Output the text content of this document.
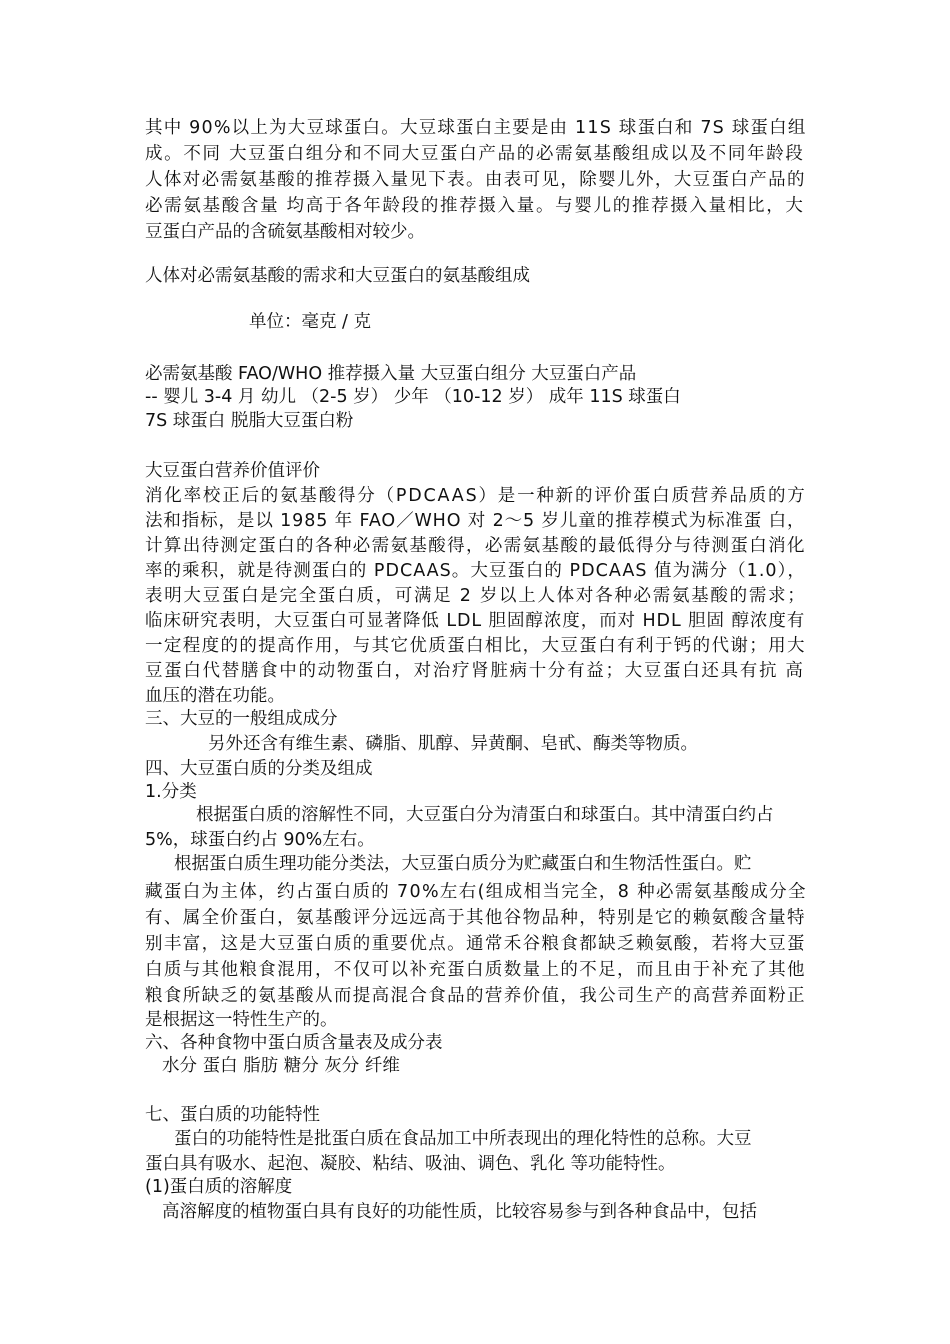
其中 90%以上为大豆球蛋白。大豆球蛋白主要是由 11S 球蛋白和 7S 球蛋白组
成。不同 大豆蛋白组分和不同大豆蛋白产品的必需氨基酸组成以及不同年龄段
人体对必需氨基酸的推荐摄入量见下表。由表可见，除婴儿外，大豆蛋白产品的
必需氨基酸含量 均高于各年龄段的推荐摄入量。与婴儿的推荐摄入量相比，大
豆蛋白产品的含硫氨基酸相对较少。
人体对必需氨基酸的需求和大豆蛋白的氨基酸组成
单位：毫克 / 克
必需氨基酸 FAO/WHO 推荐摄入量 大豆蛋白组分 大豆蛋白产品
-- 婴儿 3-4 月 幼儿 （2-5 岁） 少年 （10-12 岁） 成年 11S 球蛋白
7S 球蛋白 脱脂大豆蛋白粉
大豆蛋白营养价值评价
消化率校正后的氨基酸得分（PDCAAS）是一种新的评价蛋白质营养品质的方
法和指标，是以 1985 年 FAO／WHO 对 2～5 岁儿童的推荐模式为标准蛋 白，
计算出待测定蛋白的各种必需氨基酸得，必需氨基酸的最低得分与待测蛋白消化
率的乘积，就是待测蛋白的 PDCAAS。大豆蛋白的 PDCAAS 值为满分（1.0），
表明大豆蛋白是完全蛋白质，可满足 2 岁以上人体对各种必需氨基酸的需求；
临床研究表明，大豆蛋白可显著降低 LDL 胆固醇浓度，而对 HDL 胆固 醇浓度有
一定程度的的提高作用，与其它优质蛋白相比，大豆蛋白有利于钙的代谢；用大
豆蛋白代替膳食中的动物蛋白，对治疗肾脏病十分有益；大豆蛋白还具有抗 高
血压的潜在功能。
三、大豆的一般组成成分
另外还含有维生素、磷脂、肌醇、异黄酮、皂甙、酶类等物质。
四、大豆蛋白质的分类及组成
1.分类
根据蛋白质的溶解性不同，大豆蛋白分为清蛋白和球蛋白。其中清蛋白约占
5%，球蛋白约占 90%左右。
根据蛋白质生理功能分类法，大豆蛋白质分为贮藏蛋白和生物活性蛋白。贮
藏蛋白为主体，约占蛋白质的 70%左右(组成相当完全，8 种必需氨基酸成分全
有、属全价蛋白，氨基酸评分远远高于其他谷物品种，特别是它的赖氨酸含量特
别丰富，这是大豆蛋白质的重要优点。通常禾谷粮食都缺乏赖氨酸，若将大豆蛋
白质与其他粮食混用，不仅可以补充蛋白质数量上的不足，而且由于补充了其他
粮食所缺乏的氨基酸从而提高混合食品的营养价值，我公司生产的高营养面粉正
是根据这一特性生产的。
六、各种食物中蛋白质含量表及成分表
水分 蛋白 脂肪 糖分 灰分 纤维
七、蛋白质的功能特性
蛋白的功能特性是批蛋白质在食品加工中所表现出的理化特性的总称。大豆
蛋白具有吸水、起泡、凝胶、粘结、吸油、调色、乳化 等功能特性。
(1)蛋白质的溶解度
高溶解度的植物蛋白具有良好的功能性质，比较容易参与到各种食品中，包括
